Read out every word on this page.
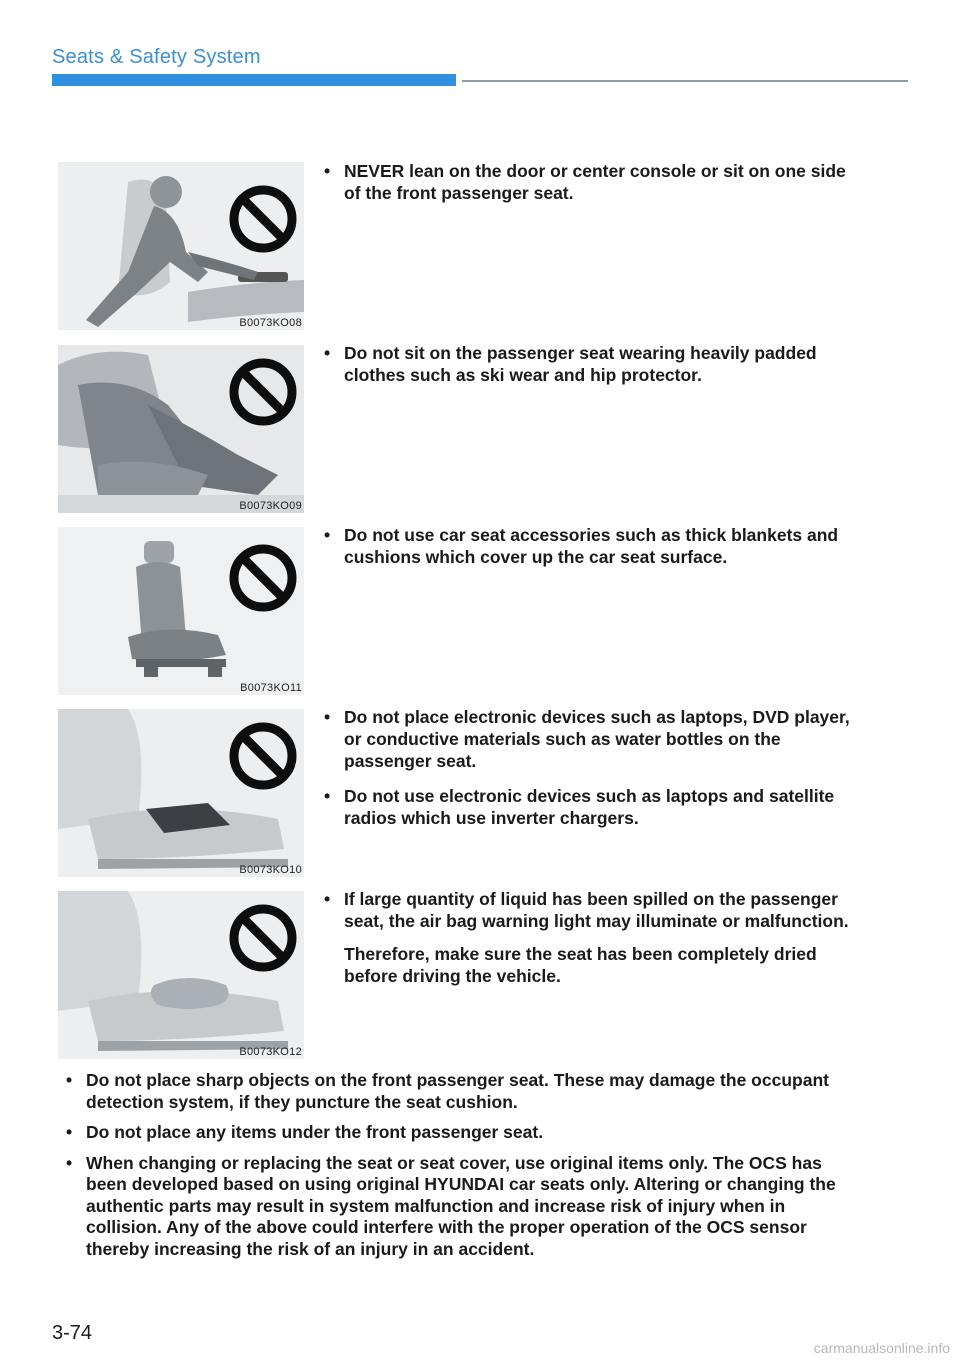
Seats & Safety System
B0073KO08
B0073KO09
B0073KO11
B0073KO10
B0073KO12
• NEVER lean on the door or center console or sit on one side of the front passenger seat.
• Do not sit on the passenger seat wearing heavily padded clothes such as ski wear and hip protector.
• Do not use car seat accessories such as thick blankets and cushions which cover up the car seat surface.
• Do not place electronic devices such as laptops, DVD player, or conductive materials such as water bottles on the passenger seat.
• Do not use electronic devices such as laptops and satellite radios which use inverter chargers.
• If large quantity of liquid has been spilled on the passenger seat, the air bag warning light may illuminate or malfunction.
Therefore, make sure the seat has been completely dried before driving the vehicle.
• Do not place sharp objects on the front passenger seat. These may damage the occupant detection system, if they puncture the seat cushion.
• Do not place any items under the front passenger seat.
• When changing or replacing the seat or seat cover, use original items only. The OCS has been developed based on using original HYUNDAI car seats only. Altering or changing the authentic parts may result in system malfunction and increase risk of injury when in collision. Any of the above could interfere with the proper operation of the OCS sensor thereby increasing the risk of an injury in an accident.
3-74
carmanualsonline.info
